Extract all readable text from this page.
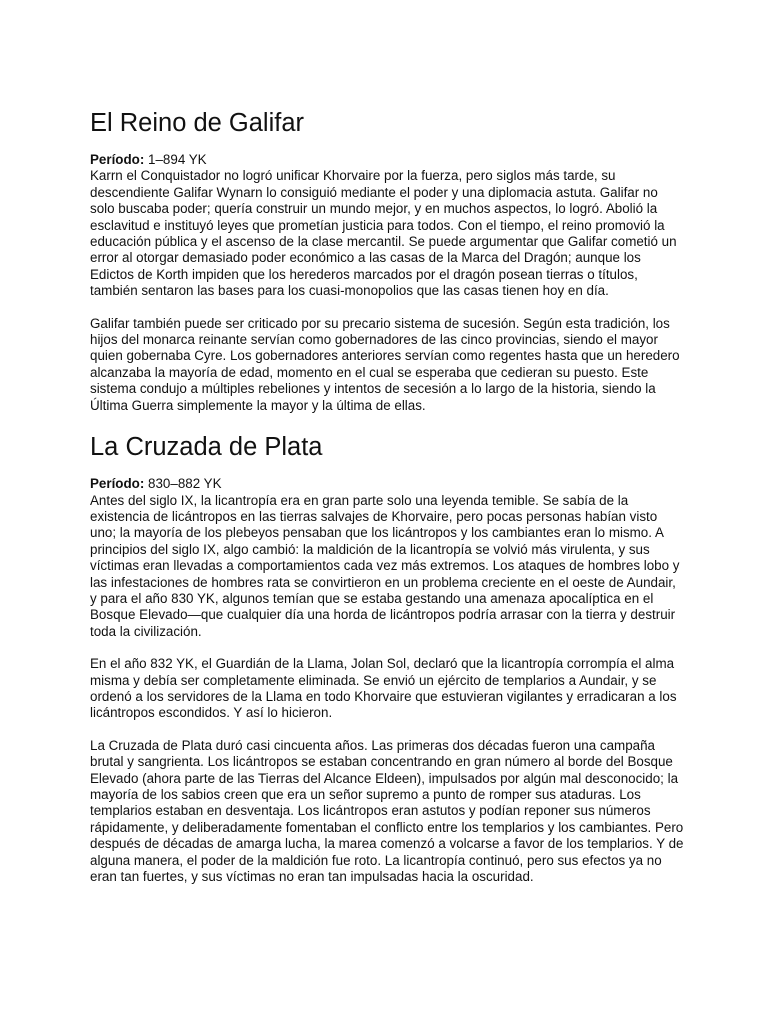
El Reino de Galifar

Período: 1–894 YK

Karrn el Conquistador no logró unificar Khorvaire por la fuerza, pero siglos más tarde, su descendiente Galifar Wynarn lo consiguió mediante el poder y una diplomacia astuta. Galifar no solo buscaba poder; quería construir un mundo mejor, y en muchos aspectos, lo logró. Abolió la esclavitud e instituyó leyes que prometían justicia para todos. Con el tiempo, el reino promovió la educación pública y el ascenso de la clase mercantil. Se puede argumentar que Galifar cometió un error al otorgar demasiado poder económico a las casas de la Marca del Dragón; aunque los Edictos de Korth impiden que los herederos marcados por el dragón posean tierras o títulos, también sentaron las bases para los cuasi-monopolios que las casas tienen hoy en día.

Galifar también puede ser criticado por su precario sistema de sucesión. Según esta tradición, los hijos del monarca reinante servían como gobernadores de las cinco provincias, siendo el mayor quien gobernaba Cyre. Los gobernadores anteriores servían como regentes hasta que un heredero alcanzaba la mayoría de edad, momento en el cual se esperaba que cedieran su puesto. Este sistema condujo a múltiples rebeliones y intentos de secesión a lo largo de la historia, siendo la Última Guerra simplemente la mayor y la última de ellas.

La Cruzada de Plata

Período: 830–882 YK

Antes del siglo IX, la licantropía era en gran parte solo una leyenda temible. Se sabía de la existencia de licántropos en las tierras salvajes de Khorvaire, pero pocas personas habían visto uno; la mayoría de los plebeyos pensaban que los licántropos y los cambiantes eran lo mismo. A principios del siglo IX, algo cambió: la maldición de la licantropía se volvió más virulenta, y sus víctimas eran llevadas a comportamientos cada vez más extremos. Los ataques de hombres lobo y las infestaciones de hombres rata se convirtieron en un problema creciente en el oeste de Aundair, y para el año 830 YK, algunos temían que se estaba gestando una amenaza apocalíptica en el Bosque Elevado—que cualquier día una horda de licántropos podría arrasar con la tierra y destruir toda la civilización.

En el año 832 YK, el Guardián de la Llama, Jolan Sol, declaró que la licantropía corrompía el alma misma y debía ser completamente eliminada. Se envió un ejército de templarios a Aundair, y se ordenó a los servidores de la Llama en todo Khorvaire que estuvieran vigilantes y erradicaran a los licántropos escondidos. Y así lo hicieron.

La Cruzada de Plata duró casi cincuenta años. Las primeras dos décadas fueron una campaña brutal y sangrienta. Los licántropos se estaban concentrando en gran número al borde del Bosque Elevado (ahora parte de las Tierras del Alcance Eldeen), impulsados por algún mal desconocido; la mayoría de los sabios creen que era un señor supremo a punto de romper sus ataduras. Los templarios estaban en desventaja. Los licántropos eran astutos y podían reponer sus números rápidamente, y deliberadamente fomentaban el conflicto entre los templarios y los cambiantes. Pero después de décadas de amarga lucha, la marea comenzó a volcarse a favor de los templarios. Y de alguna manera, el poder de la maldición fue roto. La licantropía continuó, pero sus efectos ya no eran tan fuertes, y sus víctimas no eran tan impulsadas hacia la oscuridad.
